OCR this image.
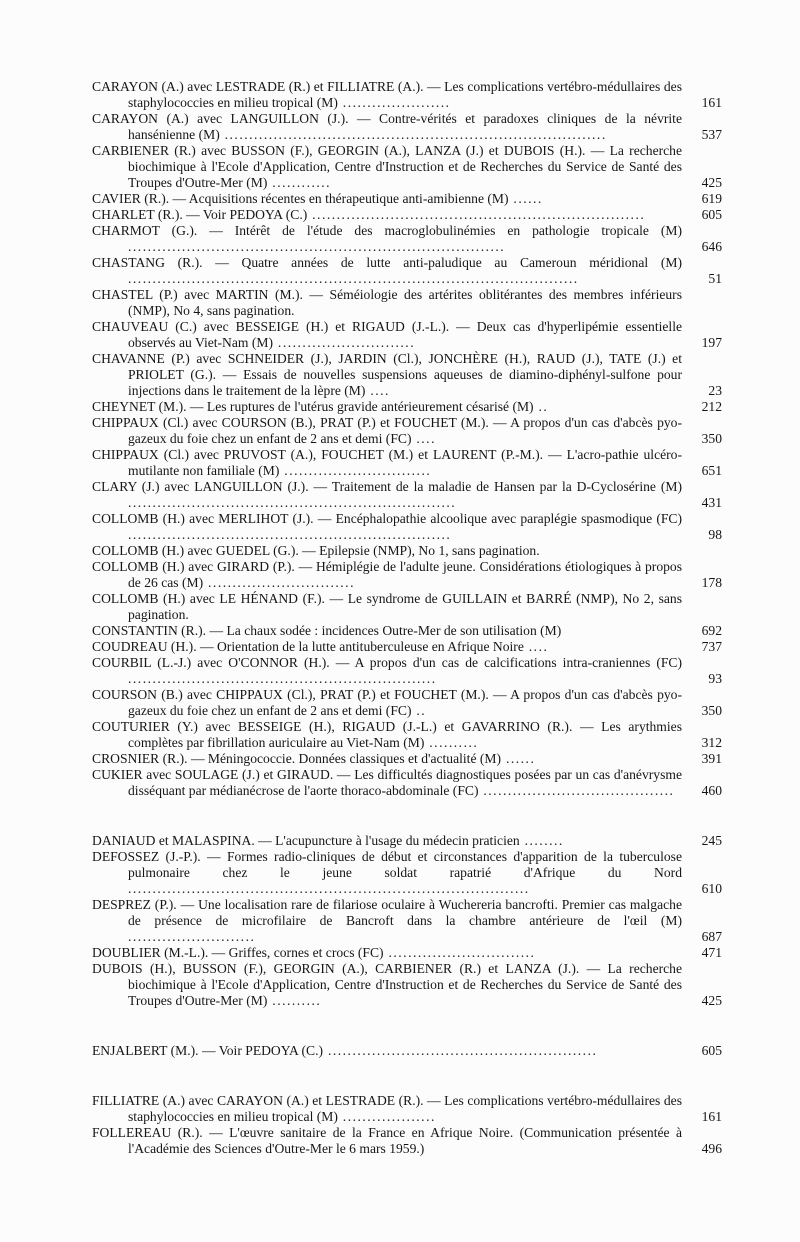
CARAYON (A.) avec LESTRADE (R.) et FILLIATRE (A.). — Les complications vertébro-médullaires des staphylococcies en milieu tropical (M) ......................	161
CARAYON (A.) avec LANGUILLON (J.). — Contre-vérités et paradoxes cliniques de la névrite hansénienne (M) ..............................................................................	537
CARBIENER (R.) avec BUSSON (F.), GEORGIN (A.), LANZA (J.) et DUBOIS (H.). — La recherche biochimique à l'Ecole d'Application, Centre d'Instruction et de Recherches du Service de Santé des Troupes d'Outre-Mer (M) ............	425
CAVIER (R.). — Acquisitions récentes en thérapeutique anti-amibienne (M) ......	619
CHARLET (R.). — Voir PEDOYA (C.) ....................................................................	605
CHARMOT (G.). — Intérêt de l'étude des macroglobulinémies en pathologie tropicale (M) .............................................................................	646
CHASTANG (R.). — Quatre années de lutte anti-paludique au Cameroun méridional (M) ............................................................................................	51
CHASTEL (P.) avec MARTIN (M.). — Séméiologie des artérites oblitérantes des membres inférieurs (NMP), No 4, sans pagination.
CHAUVEAU (C.) avec BESSEIGE (H.) et RIGAUD (J.-L.). — Deux cas d'hyperlipémie essentielle observés au Viet-Nam (M) ............................	197
CHAVANNE (P.) avec SCHNEIDER (J.), JARDIN (Cl.), JONCHÈRE (H.), RAUD (J.), TATE (J.) et PRIOLET (G.). — Essais de nouvelles suspensions aqueuses de diamino-diphényl-sulfone pour injections dans le traitement de la lèpre (M) ....	23
CHEYNET (M.). — Les ruptures de l'utérus gravide antérieurement césarisé (M) ..	212
CHIPPAUX (Cl.) avec COURSON (B.), PRAT (P.) et FOUCHET (M.). — A propos d'un cas d'abcès pyo-gazeux du foie chez un enfant de 2 ans et demi (FC) ....	350
CHIPPAUX (Cl.) avec PRUVOST (A.), FOUCHET (M.) et LAURENT (P.-M.). — L'acro-pathie ulcéro-mutilante non familiale (M) ..............................	651
CLARY (J.) avec LANGUILLON (J.). — Traitement de la maladie de Hansen par la D-Cyclosérine (M) ...................................................................	431
COLLOMB (H.) avec MERLIHOT (J.). — Encéphalopathie alcoolique avec paraplégie spasmodique (FC) ..................................................................	98
COLLOMB (H.) avec GUEDEL (G.). — Epilepsie (NMP), No 1, sans pagination.
COLLOMB (H.) avec GIRARD (P.). — Hémiplégie de l'adulte jeune. Considérations étiologiques à propos de 26 cas (M) ..............................	178
COLLOMB (H.) avec LE HÉNAND (F.). — Le syndrome de GUILLAIN et BARRÉ (NMP), No 2, sans pagination.
CONSTANTIN (R.). — La chaux sodée : incidences Outre-Mer de son utilisation (M)	692
COUDREAU (H.). — Orientation de la lutte antituberculeuse en Afrique Noire ....	737
COURBIL (L.-J.) avec O'CONNOR (H.). — A propos d'un cas de calcifications intra-craniennes (FC) ...............................................................	93
COURSON (B.) avec CHIPPAUX (Cl.), PRAT (P.) et FOUCHET (M.). — A propos d'un cas d'abcès pyo-gazeux du foie chez un enfant de 2 ans et demi (FC) ..	350
COUTURIER (Y.) avec BESSEIGE (H.), RIGAUD (J.-L.) et GAVARRINO (R.). — Les arythmies complètes par fibrillation auriculaire au Viet-Nam (M) ..........	312
CROSNIER (R.). — Méningococcie. Données classiques et d'actualité (M) ......	391
CUKIER avec SOULAGE (J.) et GIRAUD. — Les difficultés diagnostiques posées par un cas d'anévrysme disséquant par médianécrose de l'aorte thoraco-abdominale (FC) .......................................	460
DANIAUD et MALASPINA. — L'acupuncture à l'usage du médecin praticien ........	245
DEFOSSEZ (J.-P.). — Formes radio-cliniques de début et circonstances d'apparition de la tuberculose pulmonaire chez le jeune soldat rapatrié d'Afrique du Nord ..................................................................................	610
DESPREZ (P.). — Une localisation rare de filariose oculaire à Wuchereria bancrofti. Premier cas malgache de présence de microfilaire de Bancroft dans la chambre antérieure de l'œil (M) ..........................	687
DOUBLIER (M.-L.). — Griffes, cornes et crocs (FC) ..............................	471
DUBOIS (H.), BUSSON (F.), GEORGIN (A.), CARBIENER (R.) et LANZA (J.). — La recherche biochimique à l'Ecole d'Application, Centre d'Instruction et de Recherches du Service de Santé des Troupes d'Outre-Mer (M) ..........	425
ENJALBERT (M.). — Voir PEDOYA (C.) .......................................................	605
FILLIATRE (A.) avec CARAYON (A.) et LESTRADE (R.). — Les complications vertébro-médullaires des staphylococcies en milieu tropical (M) ...................	161
FOLLEREAU (R.). — L'œuvre sanitaire de la France en Afrique Noire. (Communication présentée à l'Académie des Sciences d'Outre-Mer le 6 mars 1959.)	496
